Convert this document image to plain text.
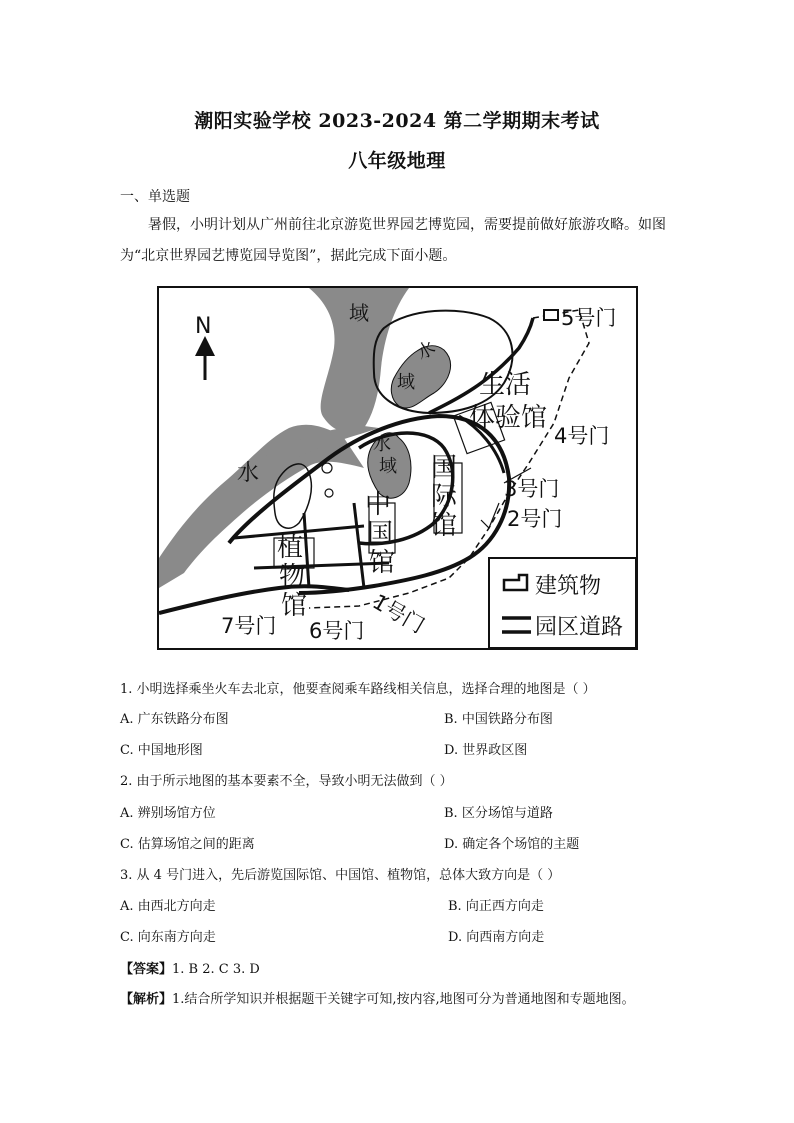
潮阳实验学校 2023-2024 第二学期期末考试
八年级地理
一、单选题
暑假，小明计划从广州前往北京游览世界园艺博览园，需要提前做好旅游攻略。如图
为“北京世界园艺博览园导览图”，据此完成下面小题。
N
域
水
域
水
水
域
生活
体验馆
国
际
馆
中
国
馆
植
物
馆
5号门
4号门
3号门
2号门
7号门 6号门 1号门
建筑物
园区道路
1. 小明选择乘坐火车去北京，他要查阅乘车路线相关信息，选择合理的地图是（ ）
A. 广东铁路分布图	B. 中国铁路分布图
C. 中国地形图	D. 世界政区图
2. 由于所示地图的基本要素不全，导致小明无法做到（ ）
A. 辨别场馆方位	B. 区分场馆与道路
C. 估算场馆之间的距离	D. 确定各个场馆的主题
3. 从 4 号门进入，先后游览国际馆、中国馆、植物馆，总体大致方向是（ ）
A. 由西北方向走	B. 向正西方向走
C. 向东南方向走	D. 向西南方向走
【答案】1. B 2. C 3. D
【解析】1.结合所学知识并根据题干关键字可知,按内容,地图可分为普通地图和专题地图。
